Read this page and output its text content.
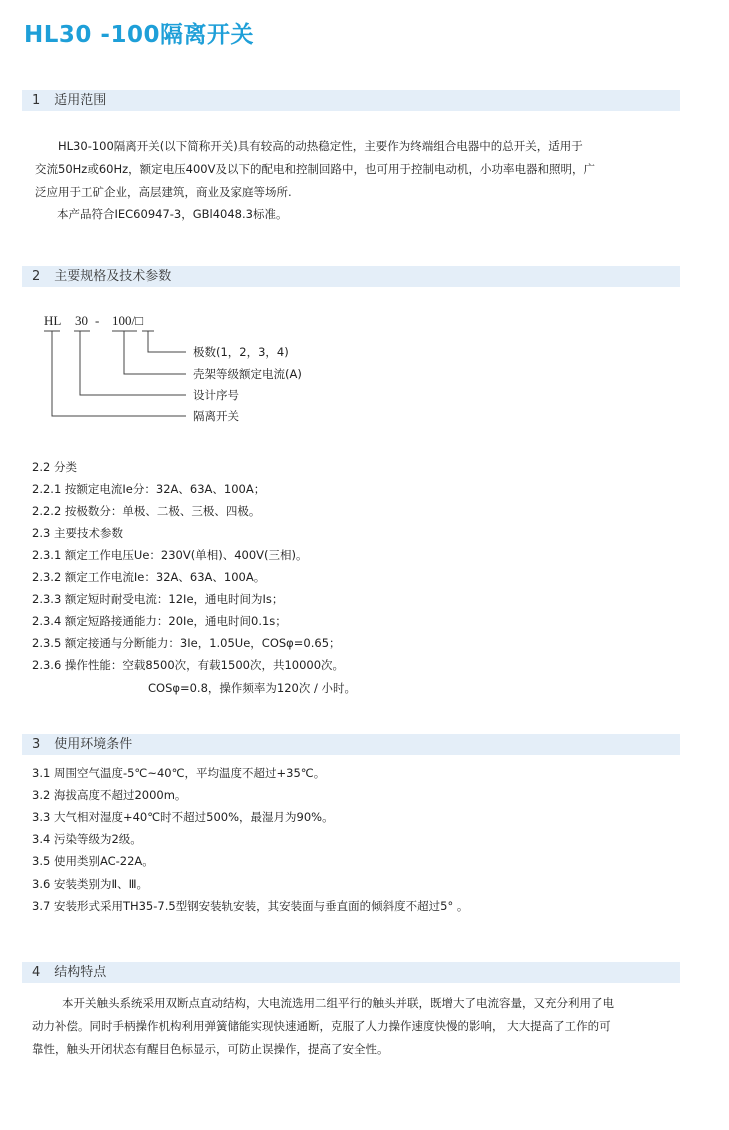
HL30 -100隔离开关
1 适用范围
HL30-100隔离开关(以下简称开关)具有较高的动热稳定性，主要作为终端组合电器中的总开关，适用于
交流50Hz或60Hz，额定电压400V及以下的配电和控制回路中，也可用于控制电动机，小功率电器和照明，广
泛应用于工矿企业，高层建筑，商业及家庭等场所.
本产品符合IEC60947-3，GBl4048.3标准。
2 主要规格及技术参数
HL 30 - 100/□
极数(1，2，3，4)
壳架等级额定电流(A)
设计序号
隔离开关
2.2 分类
2.2.1 按额定电流Ie分：32A、63A、100A；
2.2.2 按极数分：单极、二极、三极、四极。
2.3 主要技术参数
2.3.1 额定工作电压Ue：230V(单相)、400V(三相)。
2.3.2 额定工作电流Ie：32A、63A、100A。
2.3.3 额定短时耐受电流：12Ie，通电时间为Is；
2.3.4 额定短路接通能力：20Ie，通电时间0.1s；
2.3.5 额定接通与分断能力：3Ie，1.05Ue，COSφ=0.65；
2.3.6 操作性能：空载8500次，有载1500次，共10000次。
COSφ=0.8，操作频率为120次 / 小时。
3 使用环境条件
3.1 周围空气温度-5℃~40℃，平均温度不超过+35℃。
3.2 海拔高度不超过2000m。
3.3 大气相对湿度+40℃时不超过500%，最湿月为90%。
3.4 污染等级为2级。
3.5 使用类别AC-22A。
3.6 安装类别为Ⅱ、Ⅲ。
3.7 安装形式采用TH35-7.5型钢安装轨安装，其安装面与垂直面的倾斜度不超过5° 。
4 结构特点
本开关触头系统采用双断点直动结构，大电流选用二组平行的触头并联，既增大了电流容量，又充分利用了电
动力补偿。同时手柄操作机构利用弹簧储能实现快速通断，克服了人力操作速度快慢的影响， 大大提高了工作的可
靠性，触头开闭状态有醒目色标显示，可防止误操作，提高了安全性。
